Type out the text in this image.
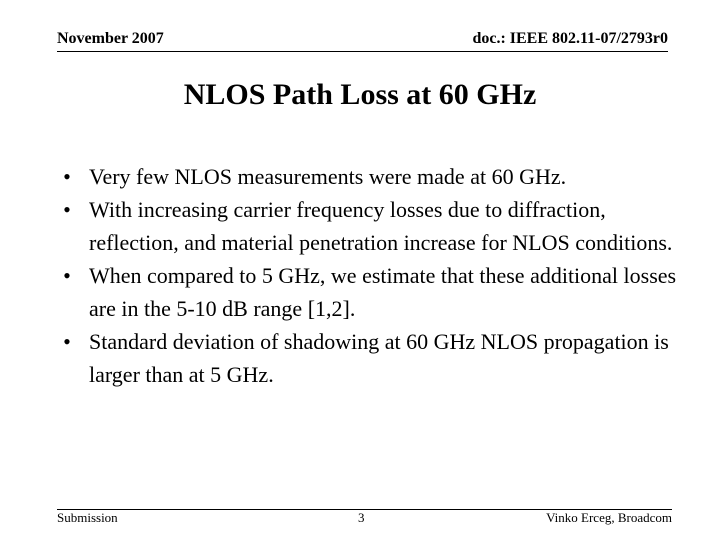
November 2007	doc.: IEEE 802.11-07/2793r0
NLOS Path Loss at 60 GHz
• Very few NLOS measurements were made at 60 GHz.
• With increasing carrier frequency losses due to diffraction, reflection, and material penetration increase for NLOS conditions.
• When compared to 5 GHz, we estimate that these additional losses are in the 5-10 dB range [1,2].
• Standard deviation of shadowing at 60 GHz NLOS propagation is larger than at 5 GHz.
Submission	3	Vinko Erceg, Broadcom
